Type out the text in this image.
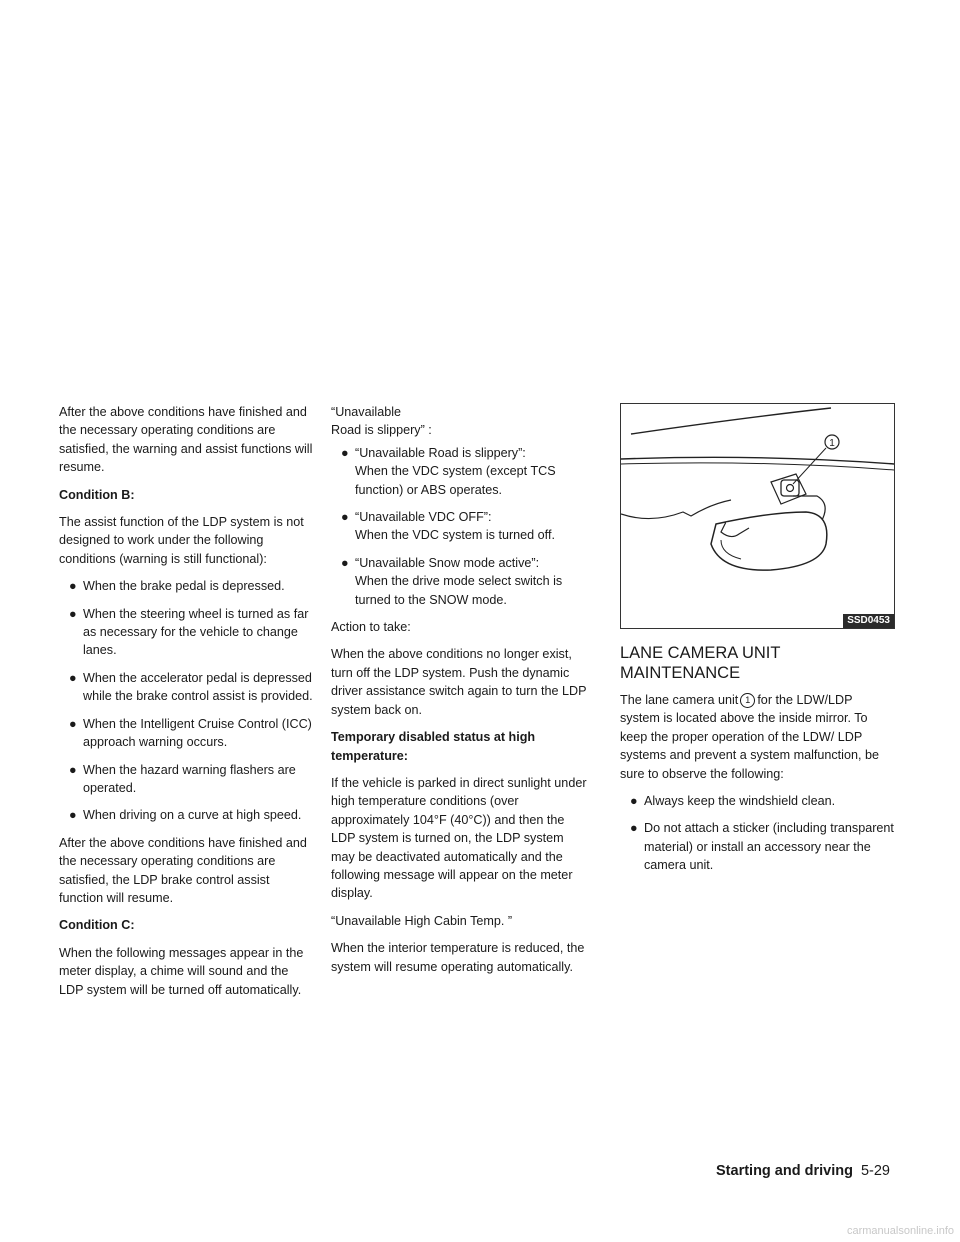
After the above conditions have finished and the necessary operating conditions are satisfied, the warning and assist functions will resume.

Condition B:

The assist function of the LDP system is not designed to work under the following conditions (warning is still functional):

● When the brake pedal is depressed.
● When the steering wheel is turned as far as necessary for the vehicle to change lanes.
● When the accelerator pedal is depressed while the brake control assist is provided.
● When the Intelligent Cruise Control (ICC) approach warning occurs.
● When the hazard warning flashers are operated.
● When driving on a curve at high speed.

After the above conditions have finished and the necessary operating conditions are satisfied, the LDP brake control assist function will resume.

Condition C:

When the following messages appear in the meter display, a chime will sound and the LDP system will be turned off automatically.

“Unavailable
Road is slippery” :

● “Unavailable Road is slippery”:
When the VDC system (except TCS function) or ABS operates.
● “Unavailable VDC OFF”:
When the VDC system is turned off.
● “Unavailable Snow mode active”:
When the drive mode select switch is turned to the SNOW mode.

Action to take:

When the above conditions no longer exist, turn off the LDP system. Push the dynamic driver assistance switch again to turn the LDP system back on.

Temporary disabled status at high temperature:

If the vehicle is parked in direct sunlight under high temperature conditions (over approximately 104°F (40°C)) and then the LDP system is turned on, the LDP system may be deactivated automatically and the following message will appear on the meter display.

“Unavailable High Cabin Temp. ”

When the interior temperature is reduced, the system will resume operating automatically.

1
SSD0453
LANE CAMERA UNIT
MAINTENANCE

The lane camera unit 1 for the LDW/LDP system is located above the inside mirror. To keep the proper operation of the LDW/ LDP systems and prevent a system malfunction, be sure to observe the following:

● Always keep the windshield clean.
● Do not attach a sticker (including transparent material) or install an accessory near the camera unit.
Starting and driving 5-29
carmanualsonline.info
